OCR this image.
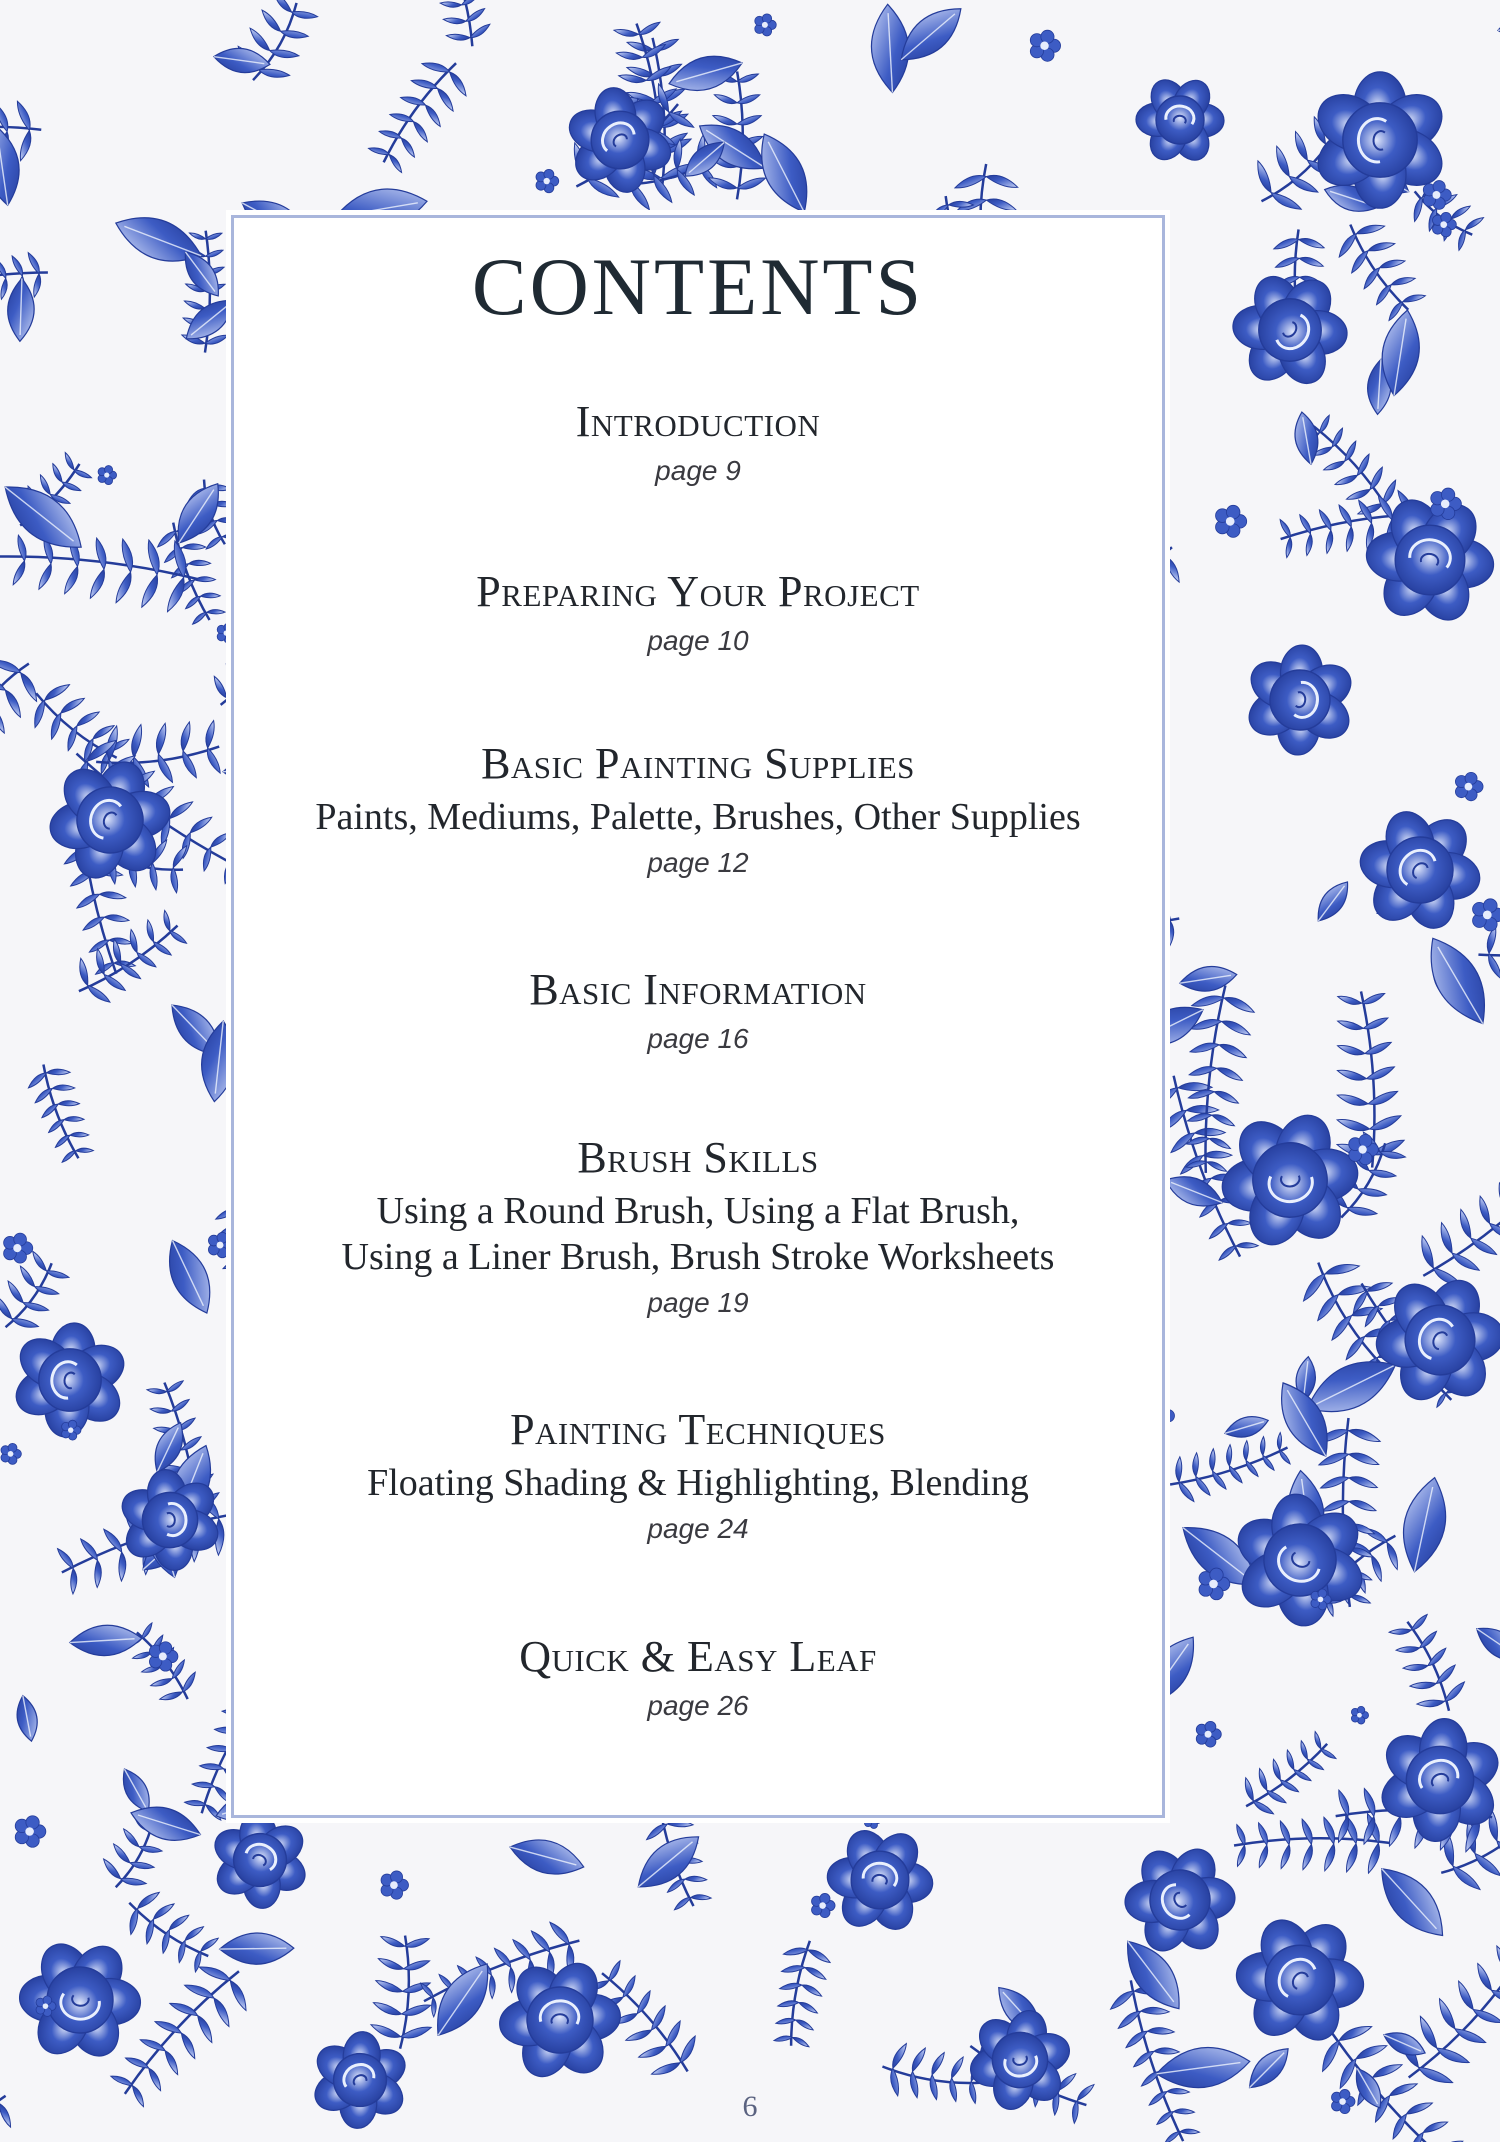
CONTENTS
Introduction
page 9
Preparing Your Project
page 10
Basic Painting Supplies
Paints, Mediums, Palette, Brushes, Other Supplies
page 12
Basic Information
page 16
Brush Skills
Using a Round Brush, Using a Flat Brush, Using a Liner Brush, Brush Stroke Worksheets
page 19
Painting Techniques
Floating Shading & Highlighting, Blending
page 24
Quick & Easy Leaf
page 26
6
